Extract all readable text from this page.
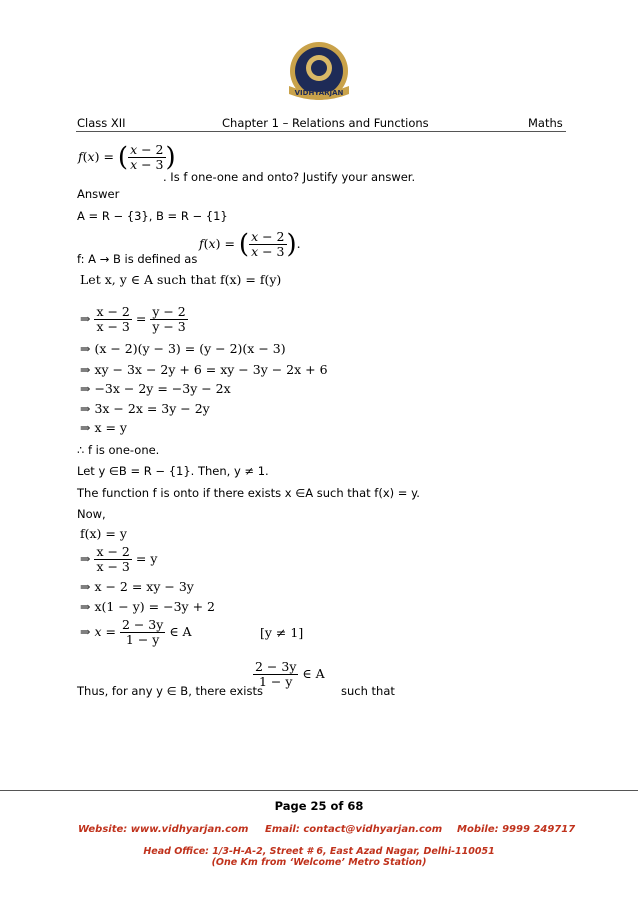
VIDHYARJAN
Class XII	Chapter 1 – Relations and Functions	Maths
f(x) = ( $\frac{x - 2}{x - 3}$ )
. Is f one-one and onto? Justify your answer.
Answer
A = R − {3}, B = R − {1}
f: A → B is defined as
f(x) = ( $\frac{x - 2}{x - 3}$ ).
Let x, y ∈ A such that f(x) = f(y)
⇒ $\frac{x - 2}{x - 3} = \frac{y - 2}{y - 3}$
⇒ (x − 2)(y − 3) = (y − 2)(x − 3)
⇒ xy − 3x − 2y + 6 = xy − 3y − 2x + 6
⇒ −3x − 2y = −3y − 2x
⇒ 3x − 2x = 3y − 2y
⇒ x = y
∴ f is one-one.
Let y ∈B = R − {1}. Then, y ≠ 1.
The function f is onto if there exists x ∈A such that f(x) = y.
Now,
f(x) = y
⇒ $\frac{x - 2}{x - 3} = y$
⇒ x − 2 = xy − 3y
⇒ x(1 − y) = −3y + 2
⇒ $x = \frac{2 - 3y}{1 - y}$ ∈ A	[y ≠ 1]
$\frac{2 - 3y}{1 - y}$ ∈ A
Thus, for any y ∈ B, there exists	such that
Page 25 of 68
Website: www.vidhyarjan.com Email: contact@vidhyarjan.com Mobile: 9999 249717
Head Office: 1/3-H-A-2, Street # 6, East Azad Nagar, Delhi-110051
(One Km from ‘Welcome’ Metro Station)
